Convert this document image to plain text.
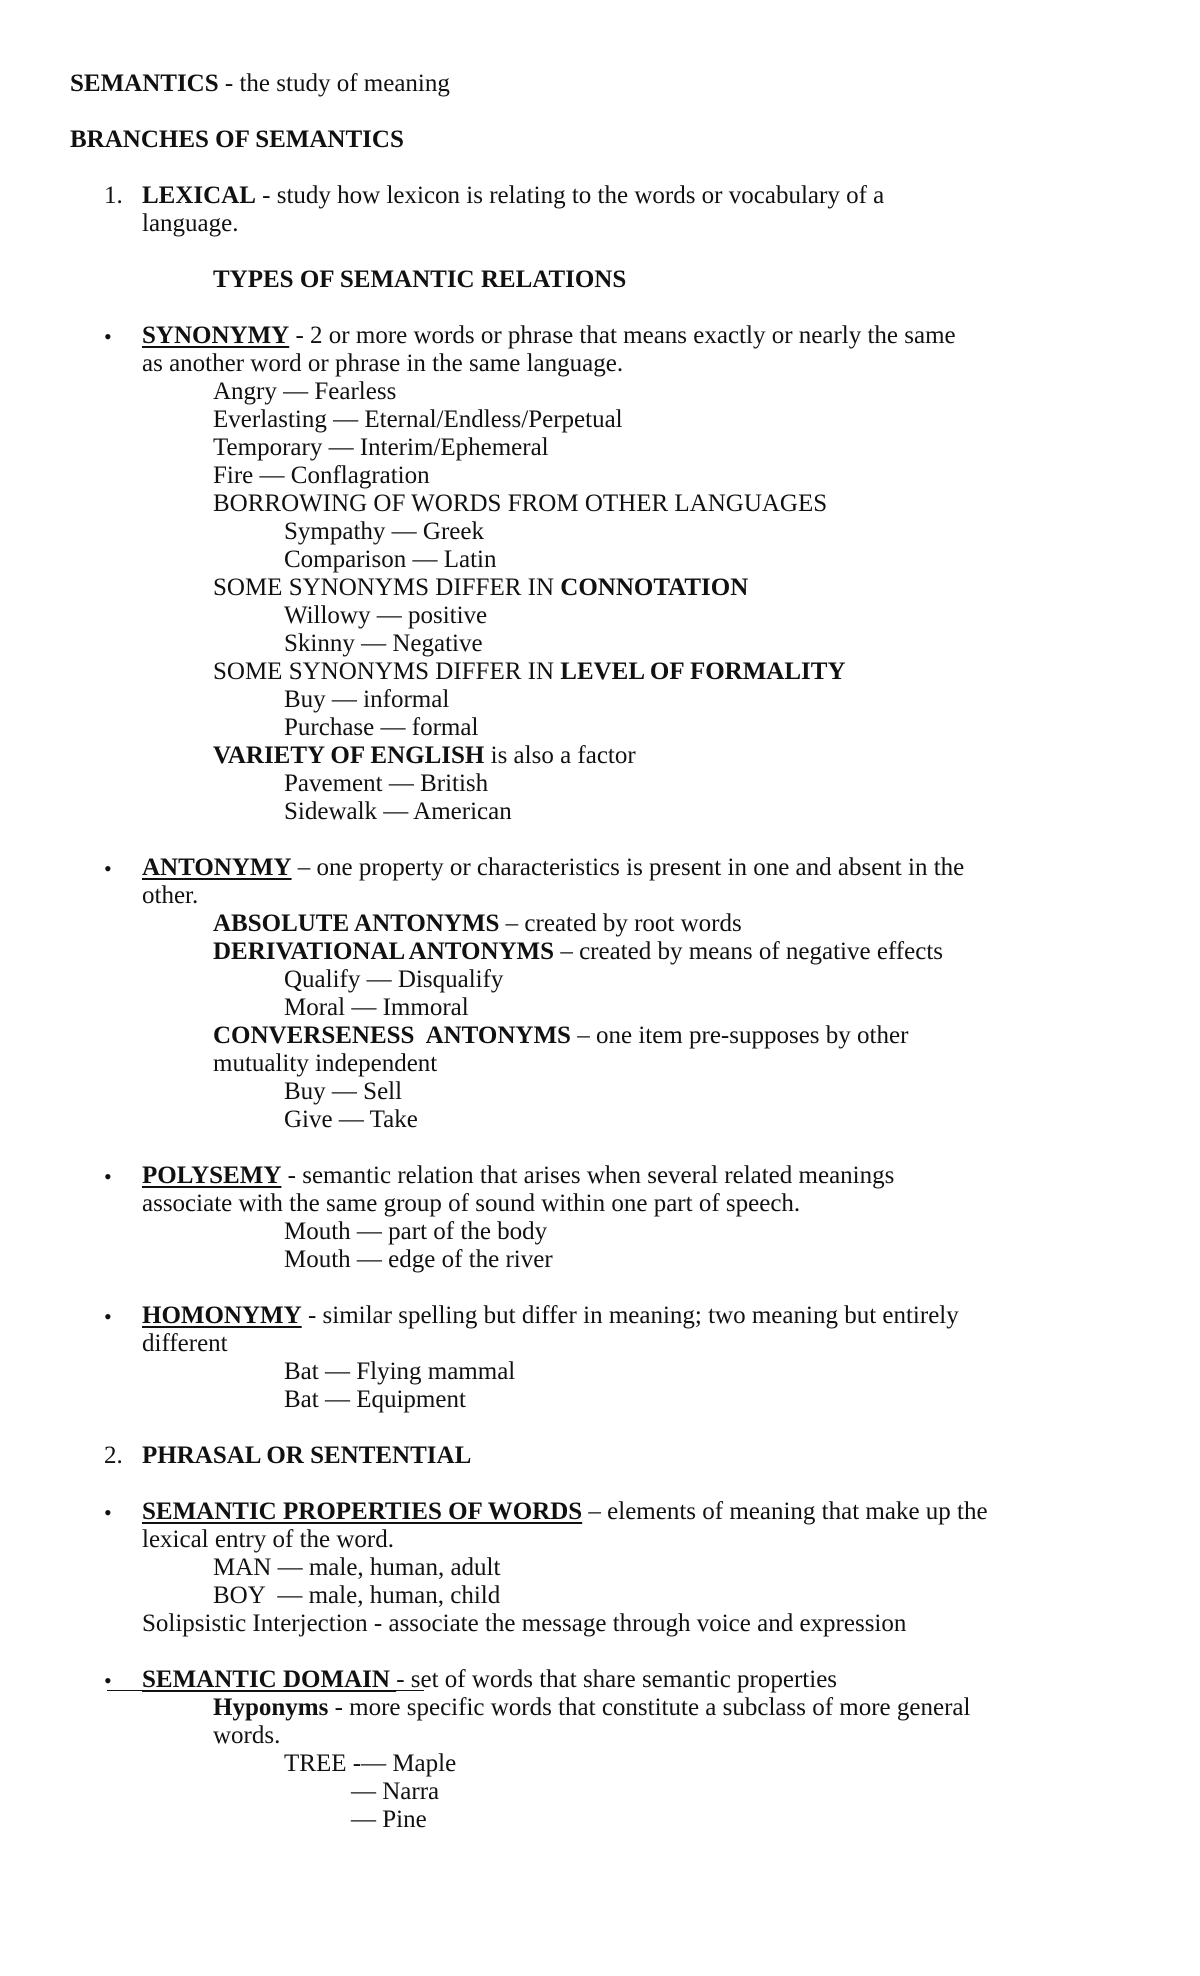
SEMANTICS - the study of meaning
BRANCHES OF SEMANTICS
1. LEXICAL - study how lexicon is relating to the words or vocabulary of a
language.
TYPES OF SEMANTIC RELATIONS
• SYNONYMY - 2 or more words or phrase that means exactly or nearly the same
as another word or phrase in the same language.
Angry — Fearless
Everlasting — Eternal/Endless/Perpetual
Temporary — Interim/Ephemeral
Fire — Conflagration
BORROWING OF WORDS FROM OTHER LANGUAGES
Sympathy — Greek
Comparison — Latin
SOME SYNONYMS DIFFER IN CONNOTATION
Willowy — positive
Skinny — Negative
SOME SYNONYMS DIFFER IN LEVEL OF FORMALITY
Buy — informal
Purchase — formal
VARIETY OF ENGLISH is also a factor
Pavement — British
Sidewalk — American
• ANTONYMY – one property or characteristics is present in one and absent in the
other.
ABSOLUTE ANTONYMS – created by root words
DERIVATIONAL ANTONYMS – created by means of negative effects
Qualify — Disqualify
Moral — Immoral
CONVERSENESS  ANTONYMS – one item pre-supposes by other
mutuality independent
Buy — Sell
Give — Take
• POLYSEMY - semantic relation that arises when several related meanings
associate with the same group of sound within one part of speech.
Mouth — part of the body
Mouth — edge of the river
• HOMONYMY - similar spelling but differ in meaning; two meaning but entirely
different
Bat — Flying mammal
Bat — Equipment
2. PHRASAL OR SENTENTIAL
• SEMANTIC PROPERTIES OF WORDS – elements of meaning that make up the
lexical entry of the word.
MAN — male, human, adult
BOY  — male, human, child
Solipsistic Interjection - associate the message through voice and expression
• SEMANTIC DOMAIN - set of words that share semantic properties
Hyponyms - more specific words that constitute a subclass of more general
words.
TREE -— Maple
— Narra
— Pine
